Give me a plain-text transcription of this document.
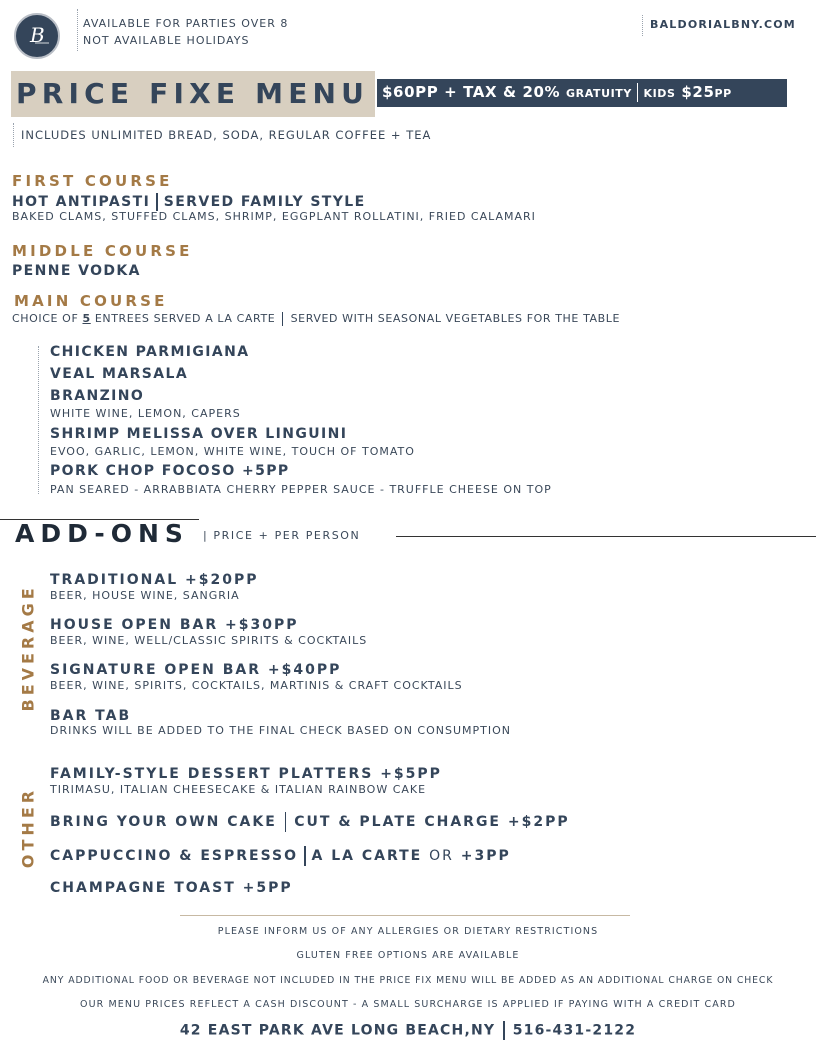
B	AVAILABLE FOR PARTIES OVER 8
NOT AVAILABLE HOLIDAYS
BALDORIALBNY.COM
PRICE FIXE MENU $60PP + TAX & 20% gratuity kids $25pp
INCLUDES UNLIMITED BREAD, SODA, REGULAR COFFEE + TEA
FIRST COURSE
HOT ANTIPASTI SERVED FAMILY STYLE
BAKED CLAMS, STUFFED CLAMS, SHRIMP, EGGPLANT ROLLATINI, FRIED CALAMARI
MIDDLE COURSE
PENNE VODKA
MAIN COURSE
CHOICE OF 5 ENTREES SERVED A LA CARTE SERVED WITH SEASONAL VEGETABLES FOR THE TABLE
CHICKEN PARMIGIANA
VEAL MARSALA
BRANZINO
WHITE WINE, LEMON, CAPERS
SHRIMP MELISSA OVER LINGUINI
EVOO, GARLIC, LEMON, WHITE WINE, TOUCH OF TOMATO
PORK CHOP FOCOSO +5PP
PAN SEARED - ARRABBIATA CHERRY PEPPER SAUCE - TRUFFLE CHEESE ON TOP
ADD-ONS | PRICE + PER PERSON
BEVERAGE
TRADITIONAL +$20PP
BEER, HOUSE WINE, SANGRIA
HOUSE OPEN BAR +$30PP
BEER, WINE, WELL/CLASSIC SPIRITS & COCKTAILS
SIGNATURE OPEN BAR +$40PP
BEER, WINE, SPIRITS, COCKTAILS, MARTINIS & CRAFT COCKTAILS
BAR TAB
DRINKS WILL BE ADDED TO THE FINAL CHECK BASED ON CONSUMPTION
OTHER
FAMILY-STYLE DESSERT PLATTERS +$5PP
TIRIMASU, ITALIAN CHEESECAKE & ITALIAN RAINBOW CAKE
BRING YOUR OWN CAKE CUT & PLATE CHARGE +$2PP
CAPPUCCINO & ESPRESSO A LA CARTE OR +3PP
CHAMPAGNE TOAST +5PP
PLEASE INFORM US OF ANY ALLERGIES OR DIETARY RESTRICTIONS
GLUTEN FREE OPTIONS ARE AVAILABLE
ANY ADDITIONAL FOOD OR BEVERAGE NOT INCLUDED IN THE PRICE FIX MENU WILL BE ADDED AS AN ADDITIONAL CHARGE ON CHECK
OUR MENU PRICES REFLECT A CASH DISCOUNT - A SMALL SURCHARGE IS APPLIED IF PAYING WITH A CREDIT CARD
42 EAST PARK AVE LONG BEACH,NY 516-431-2122
